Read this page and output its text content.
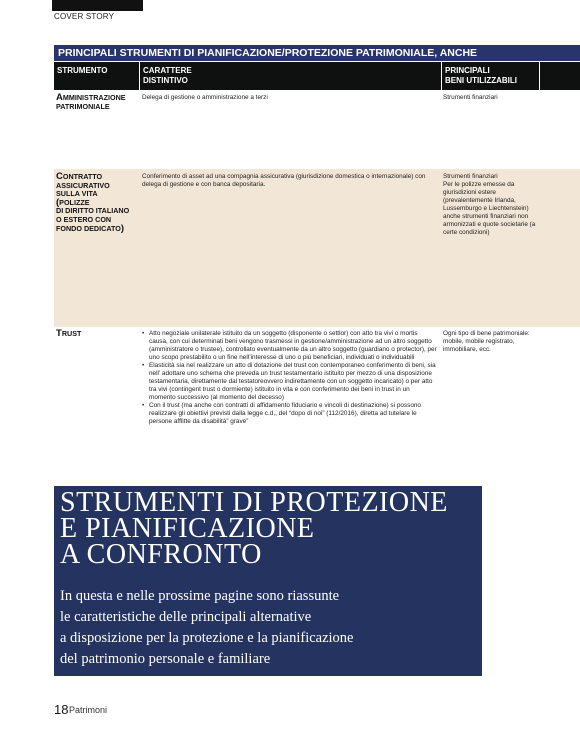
COVER STORY
PRINCIPALI STRUMENTI DI PIANIFICAZIONE/PROTEZIONE PATRIMONIALE, ANCHE
STRUMENTO	CARATTERE
DISTINTIVO
PRINCIPALI
BENI UTILIZZABILI
AMMINISTRAZIONE
PATRIMONIALE
Delega di gestione o amministrazione a terzi	Strumenti finanziari
CONTRATTO
ASSICURATIVO
SULLA VITA
(POLIZZE
DI DIRITTO ITALIANO
O ESTERO CON
FONDO DEDICATO)
Conferimento di asset ad una compagnia assicurativa (giurisdizione domestica o internazionale) con delega di gestione e con banca depositaria.
Strumenti finanziari
Per le polizze emesse da giurisdizioni estere (prevalentemente Irlanda, Lussemburgo e Liechtenstein) anche strumenti finanziari non armonizzati e quote societarie (a certe condizioni)
TRUST
•	Atto negoziale unilaterale istituito da un soggetto (disponente o settlor) con atto tra vivi o mortis causa, con cui determinati beni vengono trasmessi in gestione/amministrazione ad un altro soggetto (amministratore o trustee), controllato eventualmente da un altro soggetto (guardiano o protector), per uno scopo prestabilito o un fine nell’interesse di uno o più beneficiari, individuati o individuabili
• Elasticità sia nel realizzare un atto di dotazione del trust con contemporaneo conferimento di beni, sia nell’ adottare uno schema che preveda un trust testamentario istituito per mezzo di una disposizione testamentaria, direttamente dal testatoreovvero indirettamente con un soggetto incaricato) o per atto tra vivi (contingent trust o dormiente) istituito in vita e con conferimento dei beni in trust in un momento successivo (al momento del decesso)
• Con il trust (ma anche con contratti di affidamento fiduciario e vincoli di destinazione) si possono realizzare gli obiettivi previsti dalla legge c.d,, del “dopo di noi” (112/2016), diretta ad tutelare le persone afflitte da disabilità” grave”
Ogni tipo di bene patrimoniale: mobile, mobile registrato, immobiliare, ecc.
STRUMENTI DI PROTEZIONE
E PIANIFICAZIONE
A CONFRONTO
In questa e nelle prossime pagine sono riassunte
le caratteristiche delle principali alternative
a disposizione per la protezione e la pianificazione
del patrimonio personale e familiare
18 Patrimoni
